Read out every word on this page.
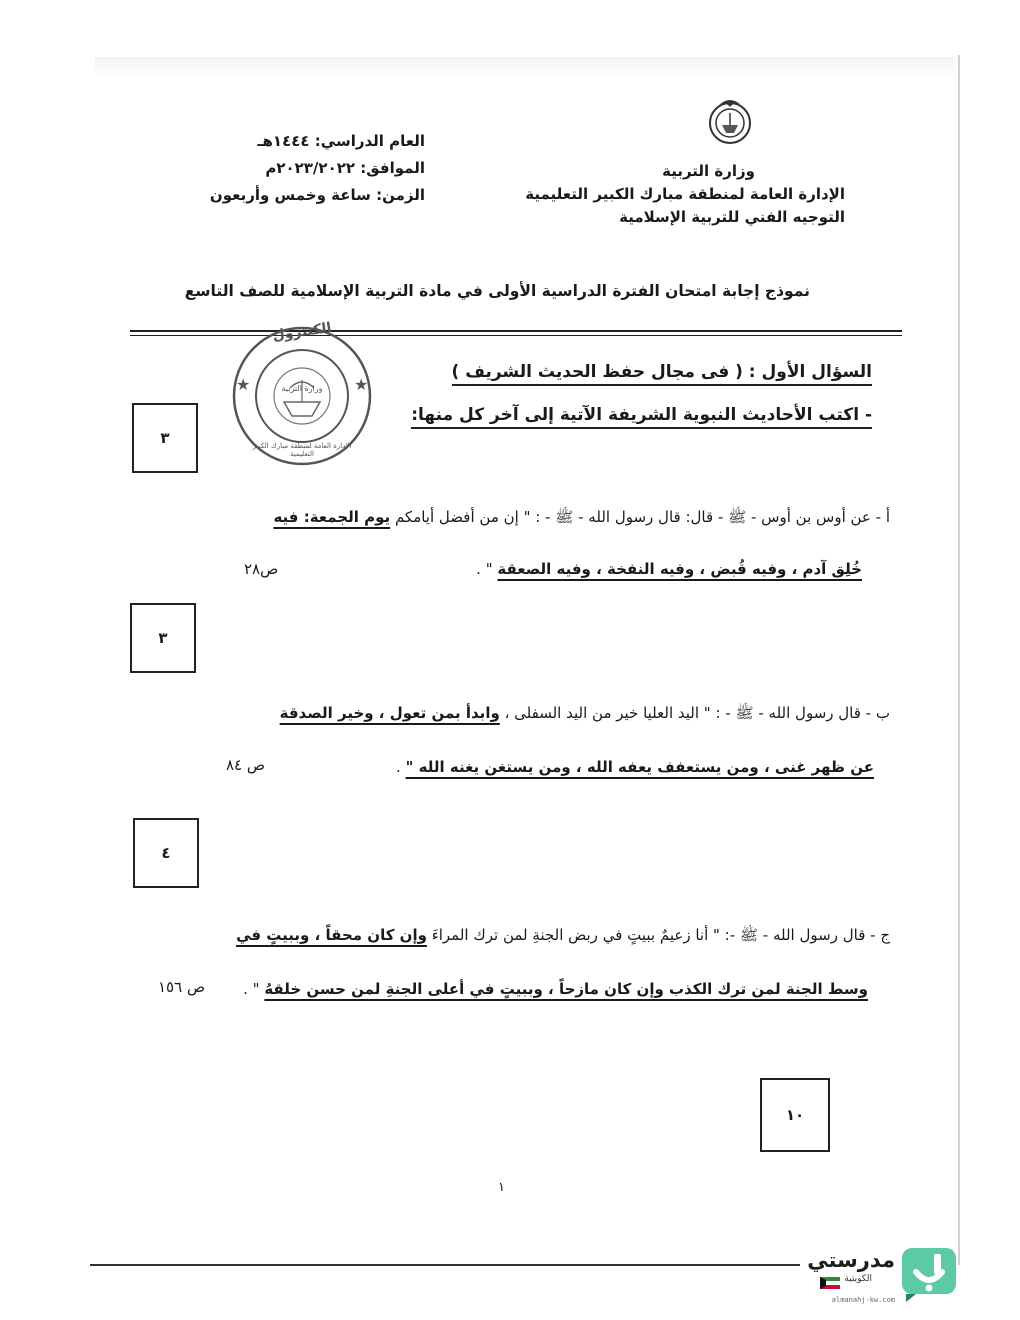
وزارة التربية
الإدارة العامة لمنطقة مبارك الكبير التعليمية
التوجيه الفني للتربية الإسلامية
العام الدراسي: ١٤٤٤هـ
الموافق: ٢٠٢٣/٢٠٢٢م
الزمن: ساعة وخمس وأربعون
نموذج إجابة امتحان الفترة الدراسية الأولى في مادة التربية الإسلامية للصف التاسع
★	★
الكنترول
وزارة التربية
الإدارة العامة لمنطقة مبارك الكبير التعليمية
السؤال الأول : ( فى مجال حفظ الحديث الشريف )
- اكتب الأحاديث النبوية الشريفة الآتية إلى آخر كل منها:
٣
أ - عن أوس بن أوس - ﷺ - قال: قال رسول الله - ﷺ - : " إن من أفضل أيامكم يوم الجمعة: فيه
خُلِق آدم ، وفيه قُبض ، وفيه النفخة ، وفيه الصعقة " .
ص٢٨
٣
ب - قال رسول الله - ﷺ - : " اليد العليا خير من اليد السفلى ، وابدأ بمن تعول ، وخير الصدقة
عن ظهر غنى ، ومن يستعفف يعفه الله ، ومن يستغن يغنه الله " .
ص ٨٤
٤
ج - قال رسول الله - ﷺ -: " أنا زعيمٌ ببيتٍ في ربض الجنةِ لمن ترك المراءَ وإن كان محقاً ، وببيتٍ في
وسط الجنة لمن ترك الكذب وإن كان مازحاً ، وببيتٍ في أعلى الجنةِ لمن حسن خلقهُ " .
ص ١٥٦
١٠
١
مدرستي
الكويتية
almanahj-kw.com
